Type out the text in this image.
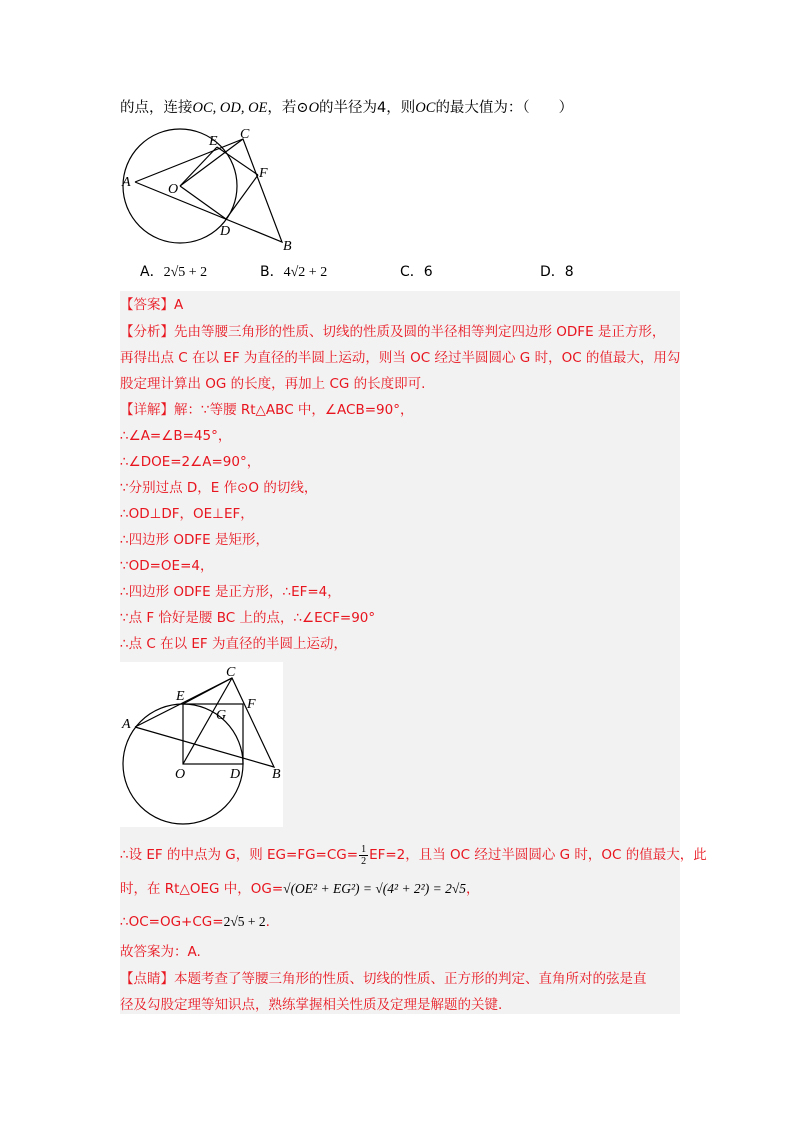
的点，连接OC, OD, OE，若⊙O的半径为4，则OC的最大值为：（　　）
A
B
C
D
E
F
O
A．2√5 + 2	B．4√2 + 2	C．6	D．8
【答案】A
【分析】先由等腰三角形的性质、切线的性质及圆的半径相等判定四边形 ODFE 是正方形，
再得出点 C 在以 EF 为直径的半圆上运动，则当 OC 经过半圆圆心 G 时，OC 的值最大，用勾
股定理计算出 OG 的长度，再加上 CG 的长度即可.
【详解】解：∵等腰 Rt△ABC 中，∠ACB=90°，
∴∠A=∠B=45°，
∴∠DOE=2∠A=90°，
∵分别过点 D，E 作⊙O 的切线，
∴OD⊥DF，OE⊥EF，
∴四边形 ODFE 是矩形，
∵OD=OE=4，
∴四边形 ODFE 是正方形，∴EF=4，
∵点 F 恰好是腰 BC 上的点，∴∠ECF=90°
∴点 C 在以 EF 为直径的半圆上运动，
A
B
C
D
E
F
G
O
∴设 EF 的中点为 G，则 $EG=FG=CG= \frac{1}{2} EF=2$，且当 OC 经过半圆圆心 G 时，OC 的值最大，此
时，在 Rt△OEG 中，OG=√(OE² + EG²) = √(4² + 2²) = 2√5，
∴OC=OG+CG=2√5 + 2.
故答案为：A.
【点睛】本题考查了等腰三角形的性质、切线的性质、正方形的判定、直角所对的弦是直
径及勾股定理等知识点，熟练掌握相关性质及定理是解题的关键.
